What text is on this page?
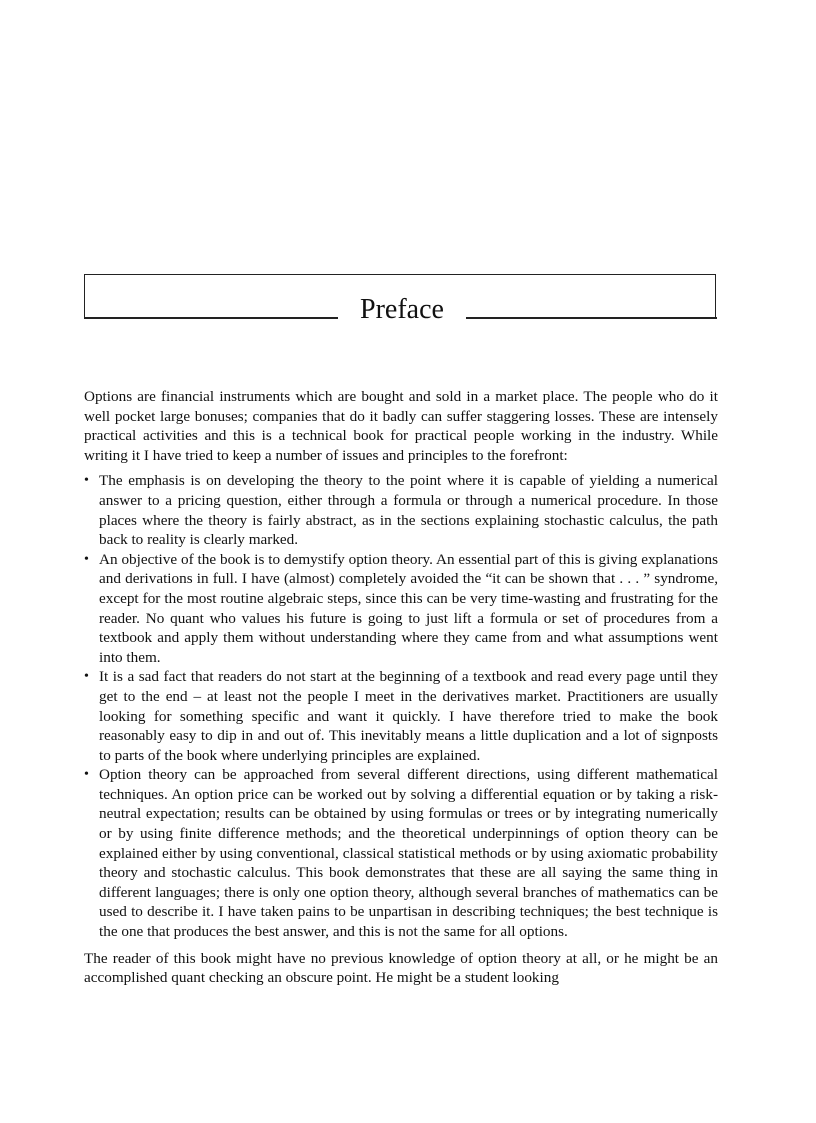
Preface

Options are financial instruments which are bought and sold in a market place. The people who do it well pocket large bonuses; companies that do it badly can suffer staggering losses. These are intensely practical activities and this is a technical book for practical people working in the industry. While writing it I have tried to keep a number of issues and principles to the forefront:

• The emphasis is on developing the theory to the point where it is capable of yielding a numerical answer to a pricing question, either through a formula or through a numerical procedure. In those places where the theory is fairly abstract, as in the sections explaining stochastic calculus, the path back to reality is clearly marked.
• An objective of the book is to demystify option theory. An essential part of this is giving explanations and derivations in full. I have (almost) completely avoided the “it can be shown that . . . ” syndrome, except for the most routine algebraic steps, since this can be very time-wasting and frustrating for the reader. No quant who values his future is going to just lift a formula or set of procedures from a textbook and apply them without understanding where they came from and what assumptions went into them.
• It is a sad fact that readers do not start at the beginning of a textbook and read every page until they get to the end – at least not the people I meet in the derivatives market. Practitioners are usually looking for something specific and want it quickly. I have therefore tried to make the book reasonably easy to dip in and out of. This inevitably means a little duplication and a lot of signposts to parts of the book where underlying principles are explained.
• Option theory can be approached from several different directions, using different mathematical techniques. An option price can be worked out by solving a differential equation or by taking a risk-neutral expectation; results can be obtained by using formulas or trees or by integrating numerically or by using finite difference methods; and the theoretical underpinnings of option theory can be explained either by using conventional, classical statistical methods or by using axiomatic probability theory and stochastic calculus. This book demonstrates that these are all saying the same thing in different languages; there is only one option theory, although several branches of mathematics can be used to describe it. I have taken pains to be unpartisan in describing techniques; the best technique is the one that produces the best answer, and this is not the same for all options.

The reader of this book might have no previous knowledge of option theory at all, or he might be an accomplished quant checking an obscure point. He might be a student looking
